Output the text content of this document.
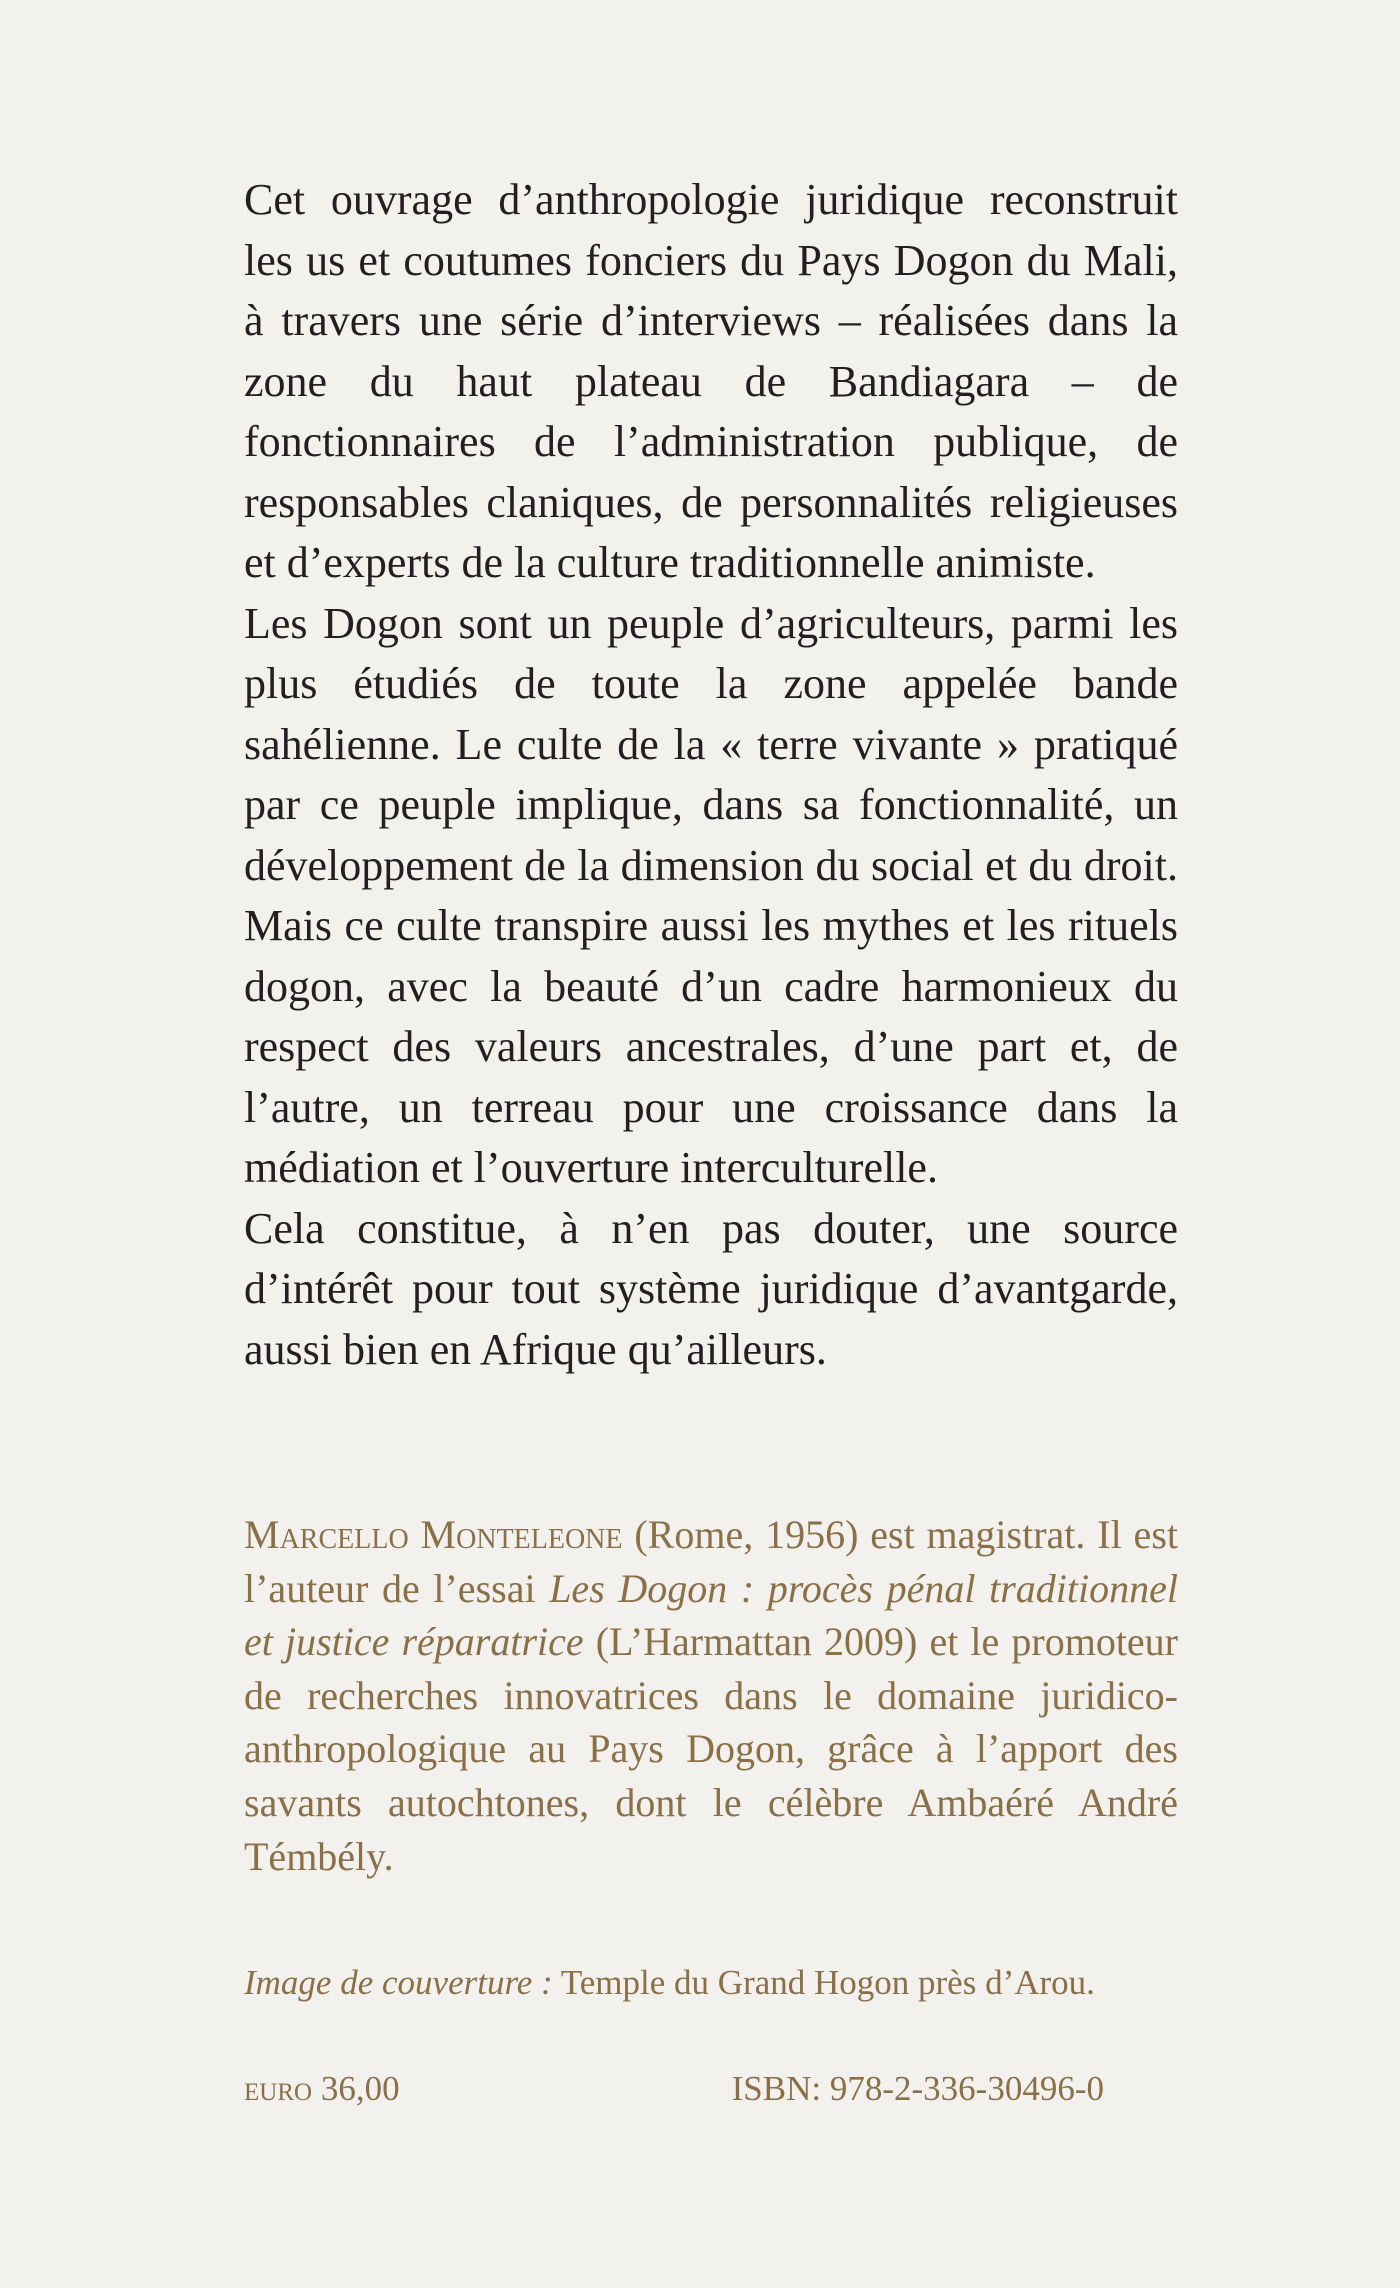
Cet ouvrage d’anthropologie juridique reconstruit les us et coutumes fonciers du Pays Dogon du Mali, à travers une série d’interviews – réalisées dans la zone du haut plateau de Bandiagara – de fonctionnaires de l’administration publique, de responsables claniques, de personnalités religieuses et d’experts de la culture traditionnelle animiste.

Les Dogon sont un peuple d’agriculteurs, parmi les plus étudiés de toute la zone appelée bande sahélienne. Le culte de la « terre vivante » pratiqué par ce peuple implique, dans sa fonctionnalité, un développement de la dimension du social et du droit. Mais ce culte transpire aussi les mythes et les rituels dogon, avec la beauté d’un cadre harmonieux du respect des valeurs ancestrales, d’une part et, de l’autre, un terreau pour une croissance dans la médiation et l’ouverture interculturelle.

Cela constitue, à n’en pas douter, une source d’intérêt pour tout système juridique d’avantgarde, aussi bien en Afrique qu’ailleurs.

Marcello Monteleone (Rome, 1956) est magistrat. Il est l’auteur de l’essai Les Dogon : procès pénal traditionnel et justice réparatrice (L’Harmattan 2009) et le promoteur de recherches innovatrices dans le domaine juridico-anthropologique au Pays Dogon, grâce à l’apport des savants autochtones, dont le célèbre Ambaéré André Témbély.

Image de couverture : Temple du Grand Hogon près d’Arou.

euro 36,00	ISBN: 978-2-336-30496-0
